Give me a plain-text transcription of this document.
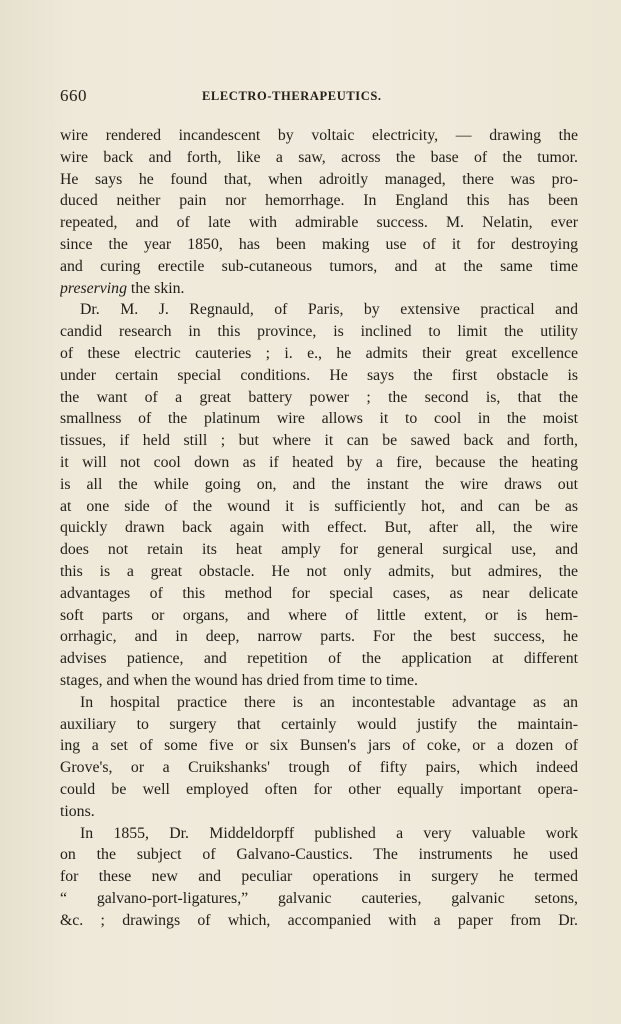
660	ELECTRO-THERAPEUTICS.
wire rendered incandescent by voltaic electricity, — drawing the
wire back and forth, like a saw, across the base of the tumor.
He says he found that, when adroitly managed, there was pro-
duced neither pain nor hemorrhage. In England this has been
repeated, and of late with admirable success. M. Nelatin, ever
since the year 1850, has been making use of it for destroying
and curing erectile sub-cutaneous tumors, and at the same time
preserving the skin.
Dr. M. J. Regnauld, of Paris, by extensive practical and
candid research in this province, is inclined to limit the utility
of these electric cauteries ; i. e., he admits their great excellence
under certain special conditions. He says the first obstacle is
the want of a great battery power ; the second is, that the
smallness of the platinum wire allows it to cool in the moist
tissues, if held still ; but where it can be sawed back and forth,
it will not cool down as if heated by a fire, because the heating
is all the while going on, and the instant the wire draws out
at one side of the wound it is sufficiently hot, and can be as
quickly drawn back again with effect. But, after all, the wire
does not retain its heat amply for general surgical use, and
this is a great obstacle. He not only admits, but admires, the
advantages of this method for special cases, as near delicate
soft parts or organs, and where of little extent, or is hem-
orrhagic, and in deep, narrow parts. For the best success, he
advises patience, and repetition of the application at different
stages, and when the wound has dried from time to time.
In hospital practice there is an incontestable advantage as an
auxiliary to surgery that certainly would justify the maintain-
ing a set of some five or six Bunsen's jars of coke, or a dozen of
Grove's, or a Cruikshanks' trough of fifty pairs, which indeed
could be well employed often for other equally important opera-
tions.
In 1855, Dr. Middeldorpff published a very valuable work
on the subject of Galvano-Caustics. The instruments he used
for these new and peculiar operations in surgery he termed
“ galvano-port-ligatures,” galvanic cauteries, galvanic setons,
&c. ; drawings of which, accompanied with a paper from Dr.
